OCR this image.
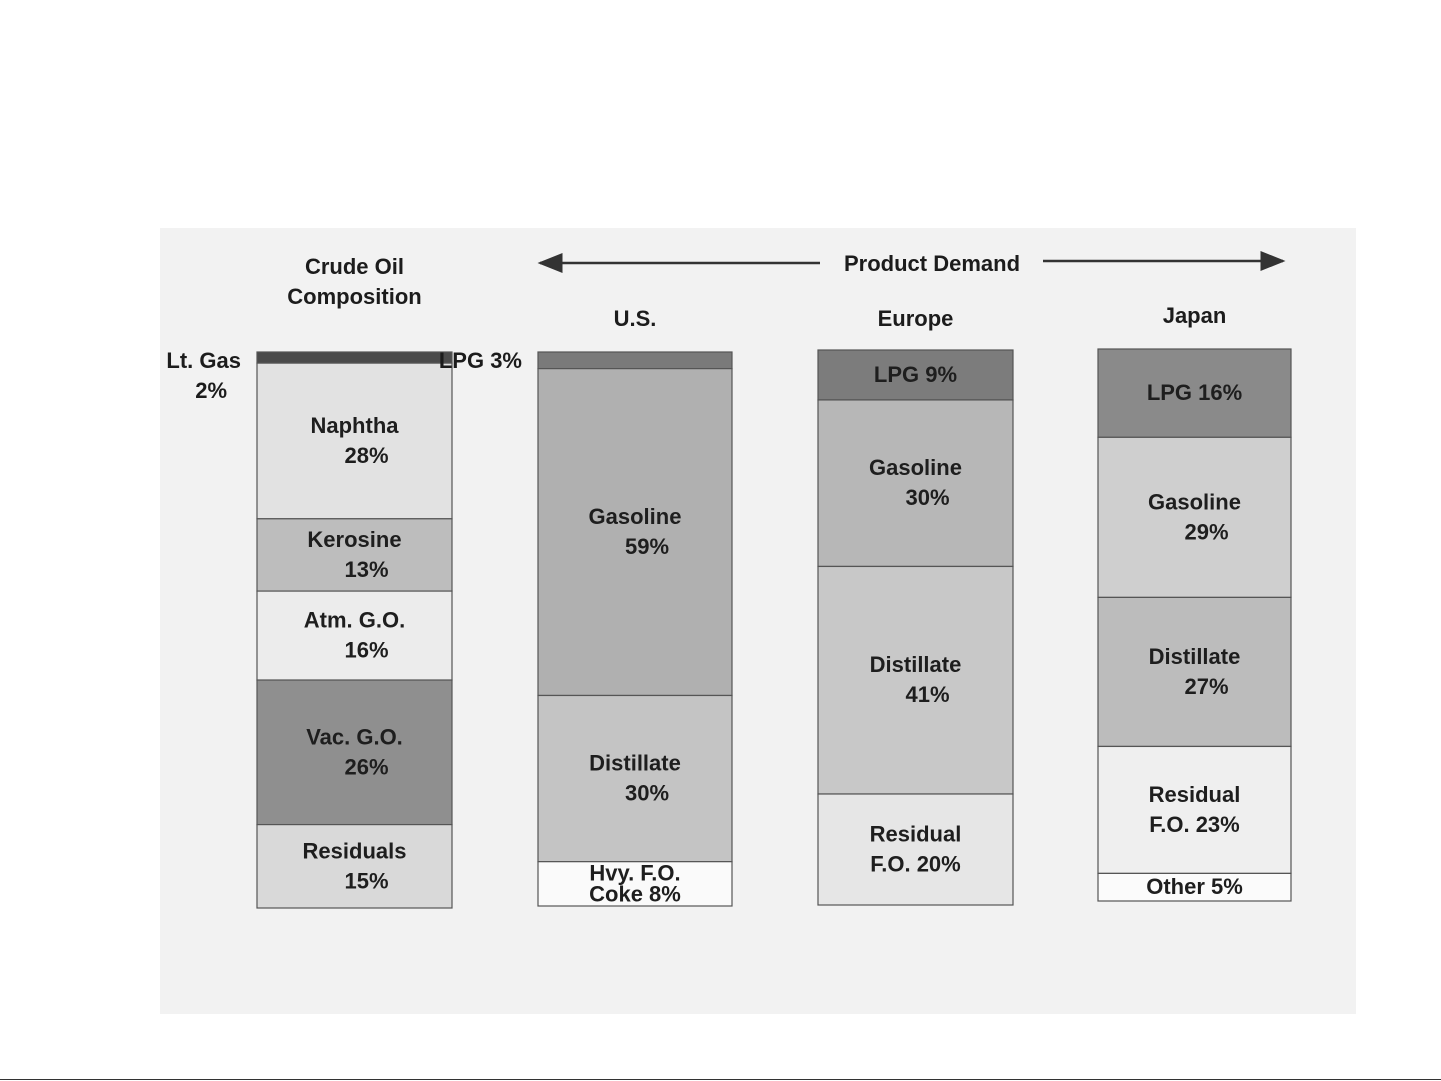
Product Demand
Crude Oil
Composition
Lt. Gas
2%
Naphtha
28%
Kerosine
13%
Atm. G.O.
16%
Vac. G.O.
26%
Residuals
15%
U.S.
LPG 3%
Gasoline
59%
Distillate
30%
Hvy. F.O.
Coke 8%
Europe
LPG 9%
Gasoline
30%
Distillate
41%
Residual
F.O. 20%
Japan
LPG 16%
Gasoline
29%
Distillate
27%
Residual
F.O. 23%
Other 5%
